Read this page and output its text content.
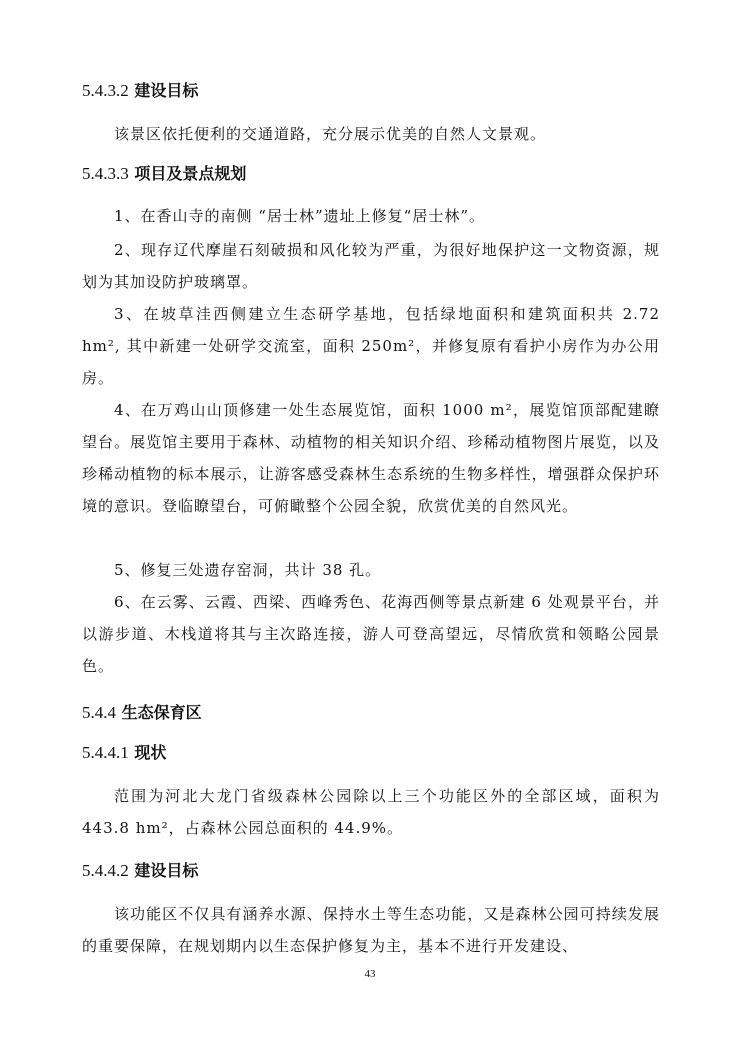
5.4.3.2 建设目标
该景区依托便利的交通道路，充分展示优美的自然人文景观。
5.4.3.3 项目及景点规划
1、在香山寺的南侧 “居士林”遗址上修复“居士林”。
2、现存辽代摩崖石刻破损和风化较为严重，为很好地保护这一文物资源，规划为其加设防护玻璃罩。
3、在坡草洼西侧建立生态研学基地，包括绿地面积和建筑面积共 2.72 hm², 其中新建一处研学交流室，面积 250m²，并修复原有看护小房作为办公用房。
4、在万鸡山山顶修建一处生态展览馆，面积 1000 m²，展览馆顶部配建瞭望台。展览馆主要用于森林、动植物的相关知识介绍、珍稀动植物图片展览，以及珍稀动植物的标本展示，让游客感受森林生态系统的生物多样性，增强群众保护环境的意识。登临瞭望台，可俯瞰整个公园全貌，欣赏优美的自然风光。
5、修复三处遗存窑洞，共计 38 孔。
6、在云雾、云霞、西梁、西峰秀色、花海西侧等景点新建 6 处观景平台，并以游步道、木栈道将其与主次路连接，游人可登高望远，尽情欣赏和领略公园景色。
5.4.4 生态保育区
5.4.4.1 现状
范围为河北大龙门省级森林公园除以上三个功能区外的全部区域，面积为 443.8 hm²，占森林公园总面积的 44.9%。
5.4.4.2 建设目标
该功能区不仅具有涵养水源、保持水土等生态功能，又是森林公园可持续发展的重要保障，在规划期内以生态保护修复为主，基本不进行开发建设、
43
